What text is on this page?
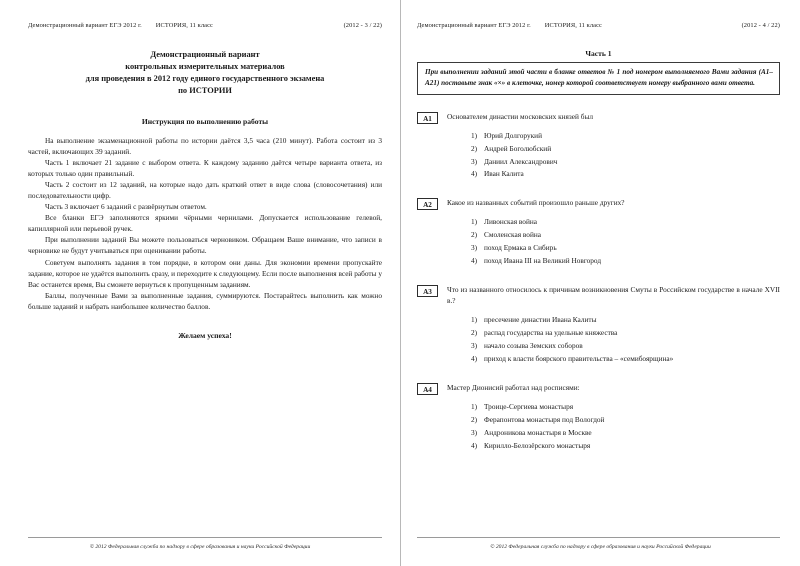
Демонстрационный вариант ЕГЭ 2012 г. ИСТОРИЯ, 11 класс	(2012 - 3 / 22)
Демонстрационный вариант
контрольных измерительных материалов
для проведения в 2012 году единого государственного экзамена
по ИСТОРИИ
Инструкция по выполнению работы

На выполнение экзаменационной работы по истории даётся 3,5 часа (210 минут). Работа состоит из 3 частей, включающих 39 заданий.

Часть 1 включает 21 задание с выбором ответа. К каждому заданию даётся четыре варианта ответа, из которых только один правильный.

Часть 2 состоит из 12 заданий, на которые надо дать краткий ответ в виде слова (словосочетания) или последовательности цифр.

Часть 3 включает 6 заданий с развёрнутым ответом.

Все бланки ЕГЭ заполняются яркими чёрными чернилами. Допускается использование гелевой, капиллярной или перьевой ручек.

При выполнении заданий Вы можете пользоваться черновиком. Обращаем Ваше внимание, что записи в черновике не будут учитываться при оценивании работы.

Советуем выполнять задания в том порядке, в котором они даны. Для экономии времени пропускайте задание, которое не удаётся выполнить сразу, и переходите к следующему. Если после выполнения всей работы у Вас останется время, Вы сможете вернуться к пропущенным заданиям.

Баллы, полученные Вами за выполненные задания, суммируются. Постарайтесь выполнить как можно больше заданий и набрать наибольшее количество баллов.

Желаем успеха!
© 2012 Федеральная служба по надзору в сфере образования и науки Российской Федерации
Демонстрационный вариант ЕГЭ 2012 г. ИСТОРИЯ, 11 класс	(2012 - 4 / 22)
Часть 1
При выполнении заданий этой части в бланке ответов № 1 под номером выполняемого Вами задания (A1–A21) поставьте знак «×» в клеточке, номер которой соответствует номеру выбранного вами ответа.
A1	Основателем династии московских князей был

1) Юрий Долгорукий
2) Андрей Боголюбский
3) Даниил Александрович
4) Иван Калита
A2	Какое из названных событий произошло раньше других?

1) Ливонская война
2) Смоленская война
3) поход Ермака в Сибирь
4) поход Ивана III на Великий Новгород
A3	Что из названного относилось к причинам возникновения Смуты в Российском государстве в начале XVII в.?

1) пресечение династии Ивана Калиты
2) распад государства на удельные княжества
3) начало созыва Земских соборов
4) приход к власти боярского правительства – «семибоярщина»
A4	Мастер Дионисий работал над росписями:

1) Троице-Сергиева монастыря
2) Ферапонтова монастыря под Вологдой
3) Андроникова монастыря в Москве
4) Кирилло-Белозёрского монастыря
© 2012 Федеральная служба по надзору в сфере образования и науки Российской Федерации
